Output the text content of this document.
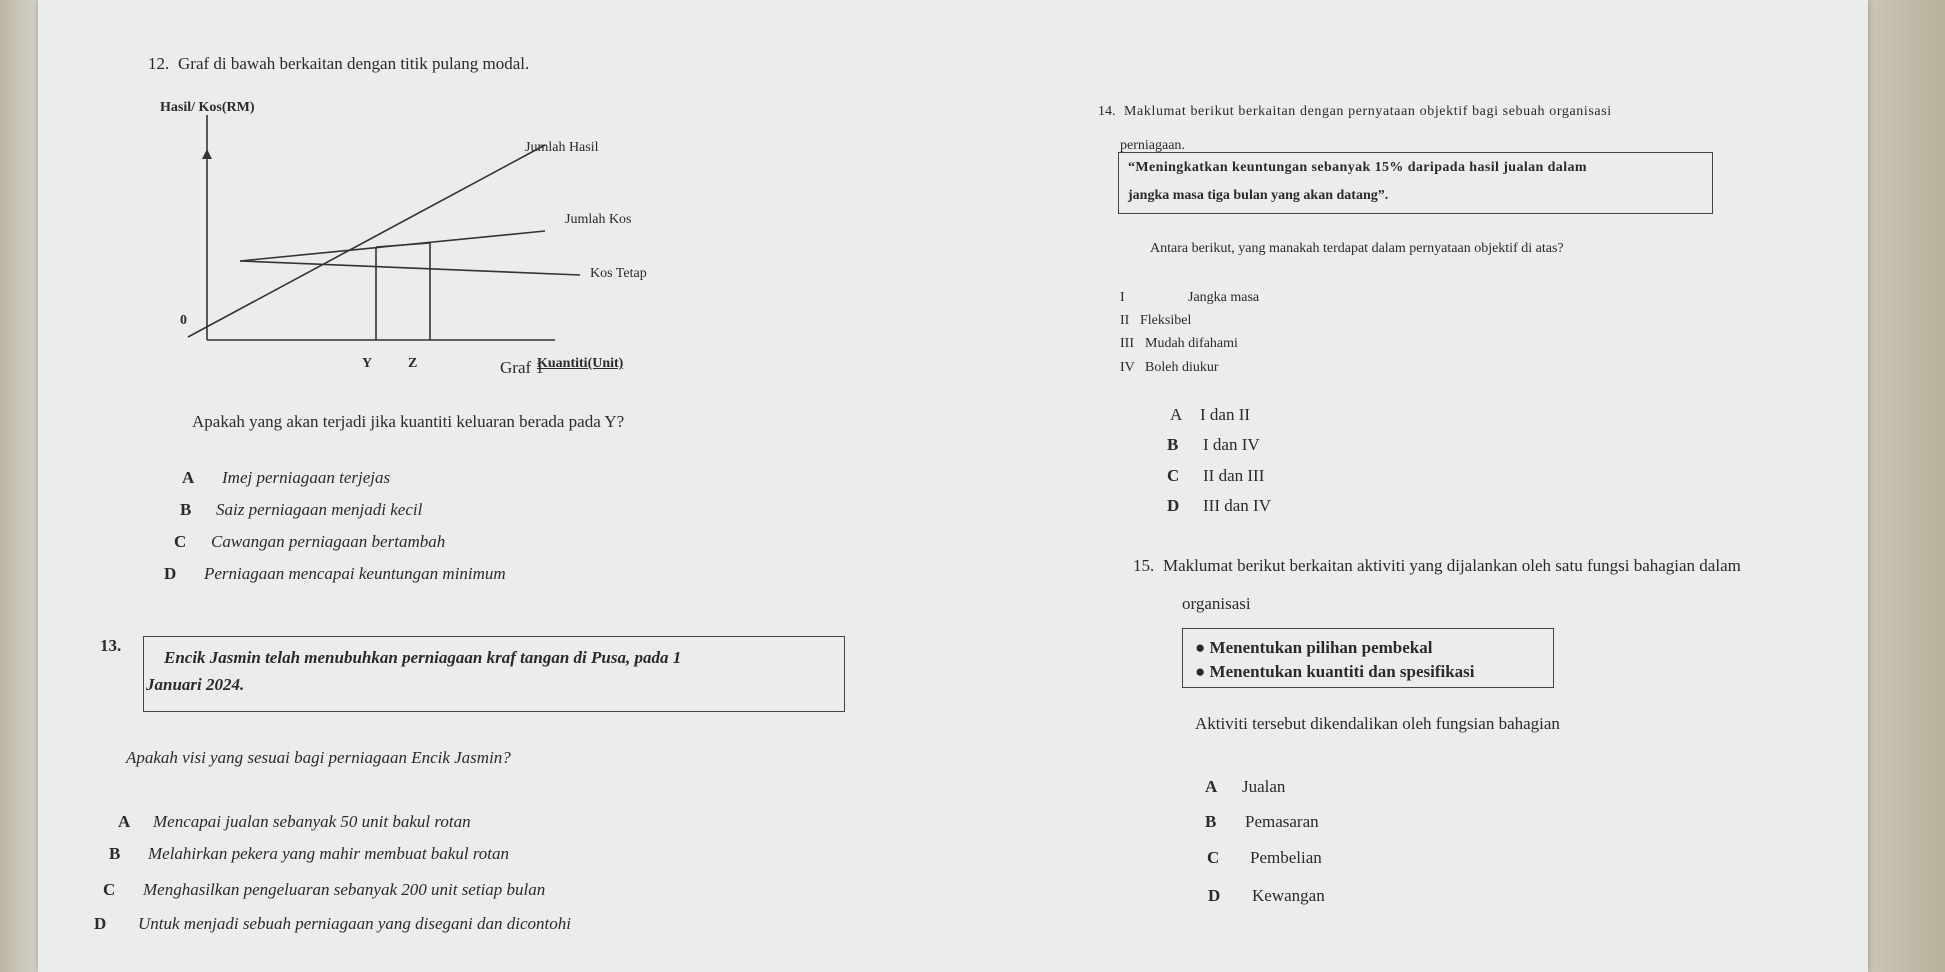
12. Graf di bawah berkaitan dengan titik pulang modal.
Hasil/ Kos(RM)
Jumlah Hasil
Jumlah Kos
Kos Tetap
0
Y	Z	Kuantiti(Unit)
Graf 1
Apakah yang akan terjadi jika kuantiti keluaran berada pada Y?
A Imej perniagaan terjejas
B Saiz perniagaan menjadi kecil
C Cawangan perniagaan bertambah
D Perniagaan mencapai keuntungan minimum
13.
Encik Jasmin telah menubuhkan perniagaan kraf tangan di Pusa, pada 1
Januari 2024.
Apakah visi yang sesuai bagi perniagaan Encik Jasmin?
A Mencapai jualan sebanyak 50 unit bakul rotan
B Melahirkan pekera yang mahir membuat bakul rotan
C Menghasilkan pengeluaran sebanyak 200 unit setiap bulan
D Untuk menjadi sebuah perniagaan yang disegani dan dicontohi
14. Maklumat berikut berkaitan dengan pernyataan objektif bagi sebuah organisasi
perniagaan.
“Meningkatkan keuntungan sebanyak 15% daripada hasil jualan dalam
jangka masa tiga bulan yang akan datang”.
Antara berikut, yang manakah terdapat dalam pernyataan objektif di atas?
I	Jangka masa
II Fleksibel
III Mudah difahami
IV Boleh diukur
A I dan II
B I dan IV
C II dan III
D III dan IV
15. Maklumat berikut berkaitan aktiviti yang dijalankan oleh satu fungsi bahagian dalam
organisasi
● Menentukan pilihan pembekal
● Menentukan kuantiti dan spesifikasi
Aktiviti tersebut dikendalikan oleh fungsian bahagian
A Jualan
B Pemasaran
C Pembelian
D Kewangan
